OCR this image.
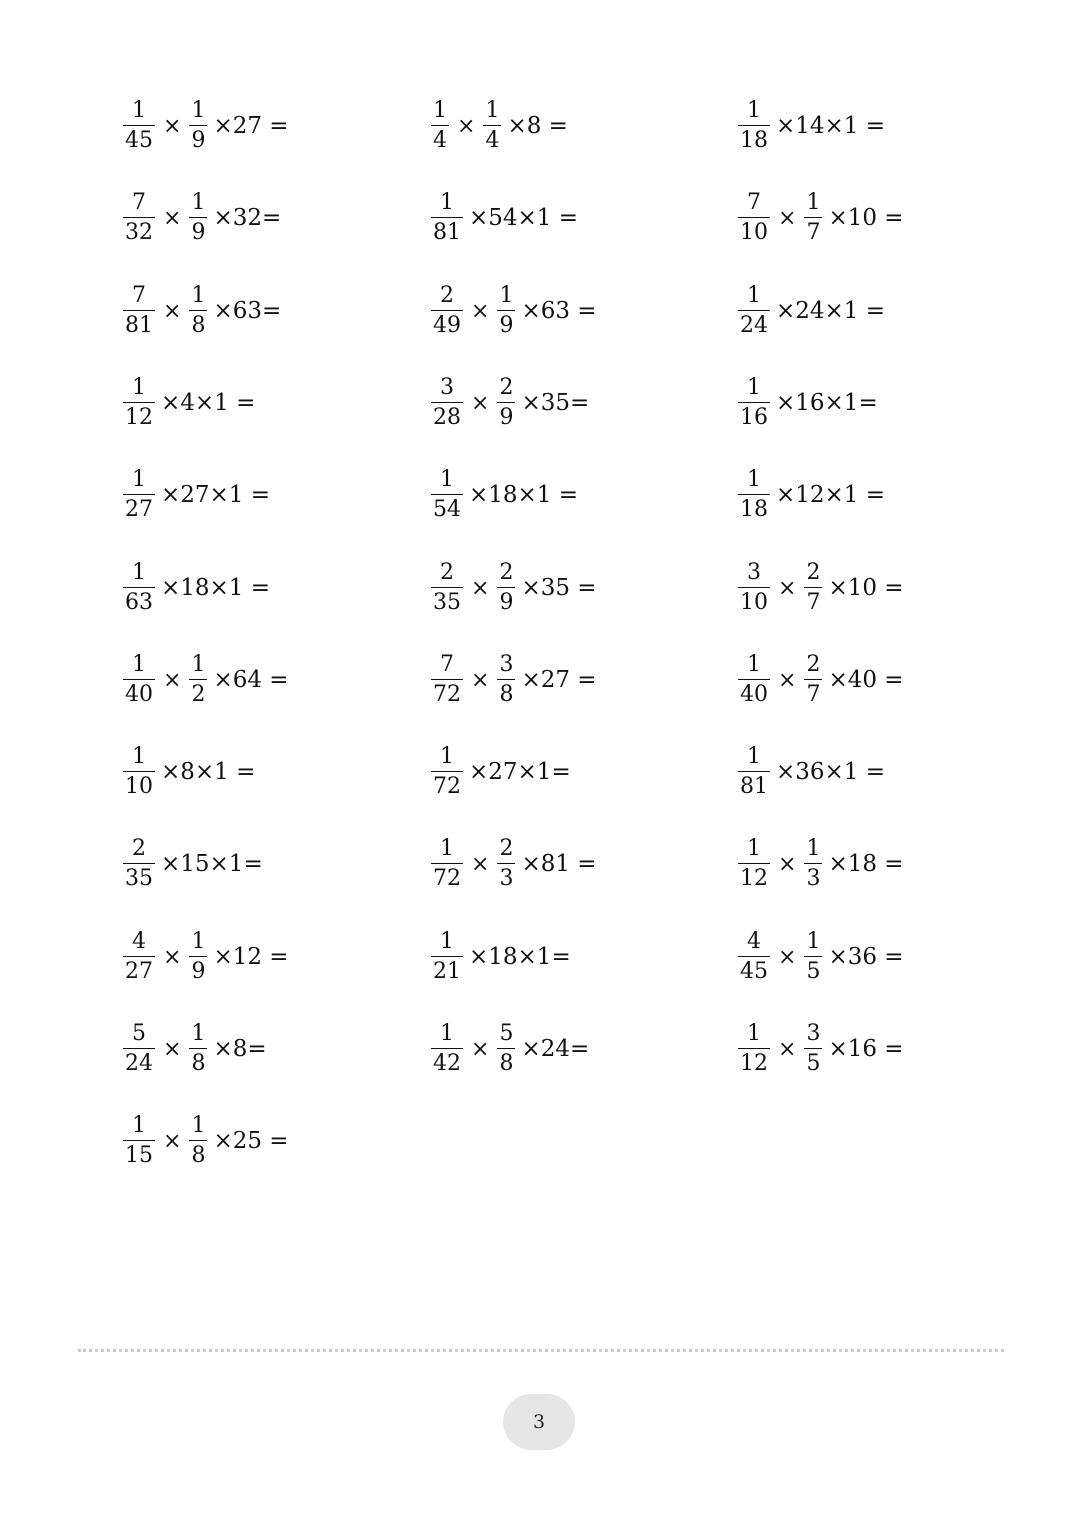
$\frac{1}{45} \times \frac{1}{9} \times 27$ =
$\frac{7}{32} \times \frac{1}{9} \times 32=$
$\frac{7}{81} \times \frac{1}{8} \times 63=$
$\frac{1}{12} \times 4\times 1$ =
$\frac{1}{27} \times 27\times 1$ =
$\frac{1}{63} \times 18\times 1$ =
$\frac{1}{40} \times \frac{1}{2} \times 64$ =
$\frac{1}{10} \times 8\times 1$ =
$\frac{2}{35} \times 15\times 1=$
$\frac{4}{27} \times \frac{1}{9} \times 12$ =
$\frac{5}{24} \times \frac{1}{8} \times 8=$
$\frac{1}{15} \times \frac{1}{8} \times 25$ =
$\frac{1}{4} \times \frac{1}{4} \times 8$ =
$\frac{1}{81} \times 54\times 1$ =
$\frac{2}{49} \times \frac{1}{9} \times 63$ =
$\frac{3}{28} \times \frac{2}{9} \times 35=$
$\frac{1}{54} \times 18\times 1$ =
$\frac{2}{35} \times \frac{2}{9} \times 35$ =
$\frac{7}{72} \times \frac{3}{8} \times 27$ =
$\frac{1}{72} \times 27\times 1=$
$\frac{1}{72} \times \frac{2}{3} \times 81$ =
$\frac{1}{21} \times 18\times 1=$
$\frac{1}{42} \times \frac{5}{8} \times 24=$
$\frac{1}{18} \times 14\times 1$ =
$\frac{7}{10} \times \frac{1}{7} \times 10$ =
$\frac{1}{24} \times 24\times 1$ =
$\frac{1}{16} \times 16\times 1=$
$\frac{1}{18} \times 12\times 1$ =
$\frac{3}{10} \times \frac{2}{7} \times 10$ =
$\frac{1}{40} \times \frac{2}{7} \times 40$ =
$\frac{1}{81} \times 36\times 1$ =
$\frac{1}{12} \times \frac{1}{3} \times 18$ =
$\frac{4}{45} \times \frac{1}{5} \times 36$ =
$\frac{1}{12} \times \frac{3}{5} \times 16$ =
3
